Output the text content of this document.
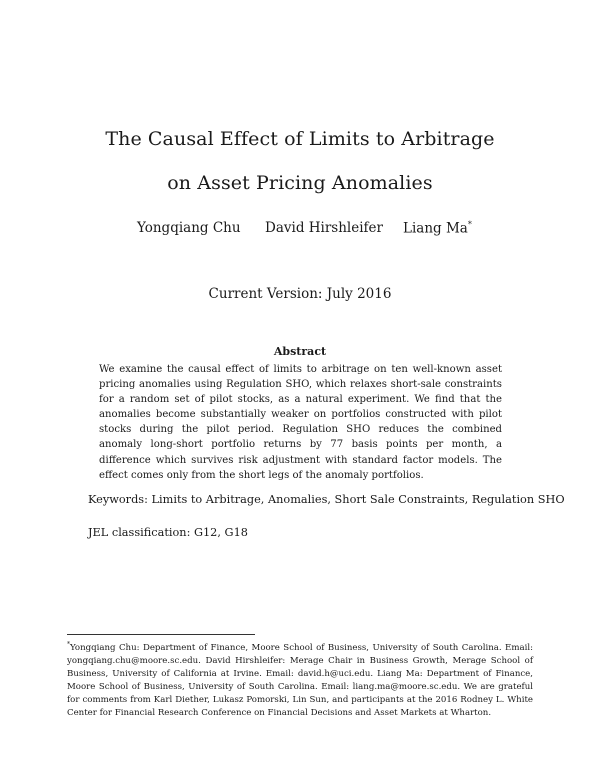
The Causal Effect of Limits to Arbitrage
on Asset Pricing Anomalies
Yongqiang Chu David Hirshleifer Liang Ma*
Current Version: July 2016
Abstract

We examine the causal effect of limits to arbitrage on ten well-known asset pricing anomalies using Regulation SHO, which relaxes short-sale constraints for a random set of pilot stocks, as a natural experiment. We find that the anomalies become substantially weaker on portfolios constructed with pilot stocks during the pilot period. Regulation SHO reduces the combined anomaly long-short portfolio returns by 77 basis points per month, a difference which survives risk adjustment with standard factor models. The effect comes only from the short legs of the anomaly portfolios.

Keywords: Limits to Arbitrage, Anomalies, Short Sale Constraints, Regulation SHO
JEL classification: G12, G18

*Yongqiang Chu: Department of Finance, Moore School of Business, University of South Carolina. Email: yongqiang.chu@moore.sc.edu. David Hirshleifer: Merage Chair in Business Growth, Merage School of Business, University of California at Irvine. Email: david.h@uci.edu. Liang Ma: Department of Finance, Moore School of Business, University of South Carolina. Email: liang.ma@moore.sc.edu. We are grateful for comments from Karl Diether, Lukasz Pomorski, Lin Sun, and participants at the 2016 Rodney L. White Center for Financial Research Conference on Financial Decisions and Asset Markets at Wharton.
